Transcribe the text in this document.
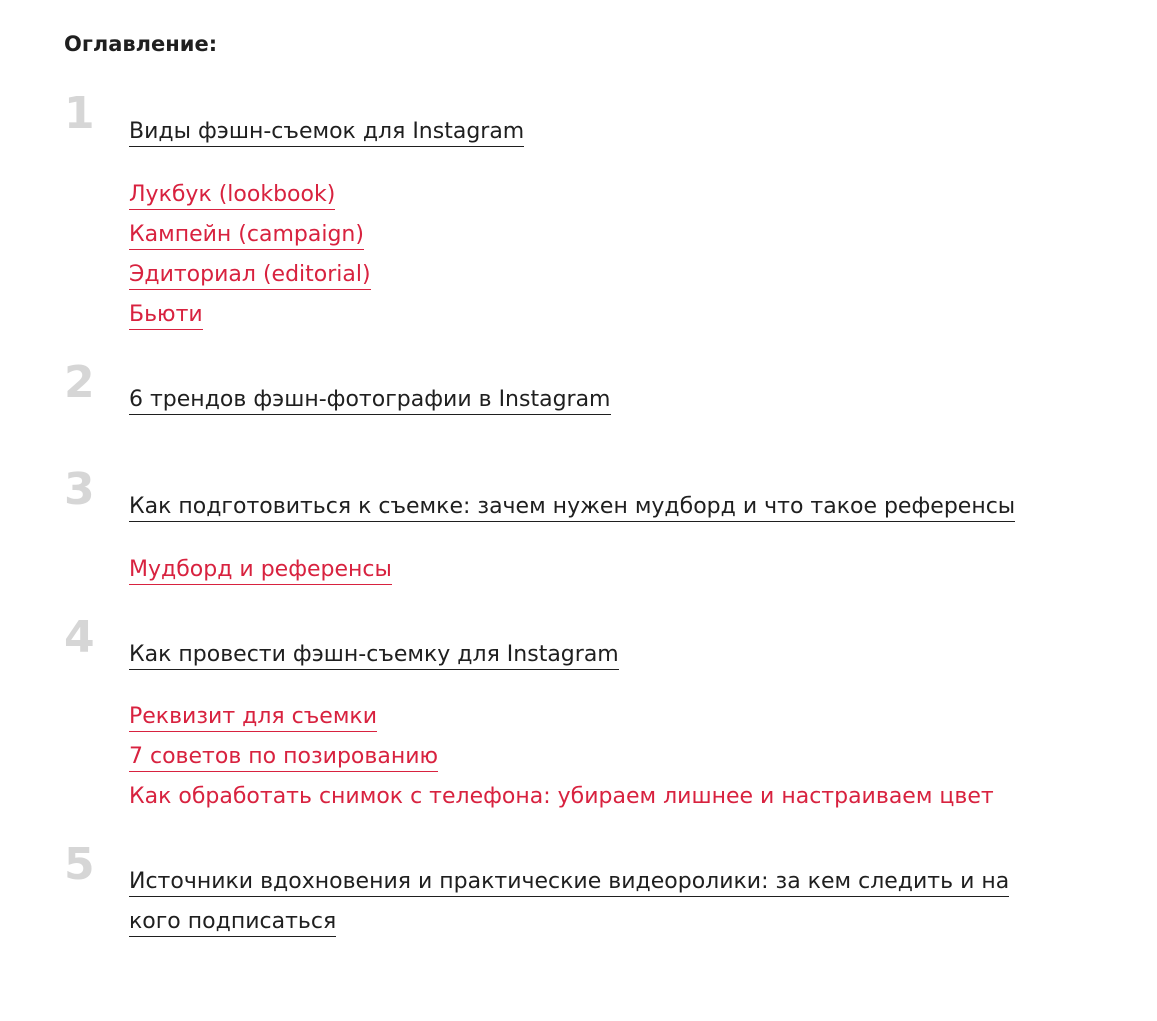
Оглавление:
1 Виды фэшн-съемок для Instagram
Лукбук (lookbook)
Кампейн (campaign)
Эдиториал (editorial)
Бьюти
2 6 трендов фэшн-фотографии в Instagram
3 Как подготовиться к съемке: зачем нужен мудборд и что такое референсы
Мудборд и референсы
4 Как провести фэшн-съемку для Instagram
Реквизит для съемки
7 советов по позированию
Как обработать снимок с телефона: убираем лишнее и настраиваем цвет
5 Источники вдохновения и практические видеоролики: за кем следить и на кого подписаться
